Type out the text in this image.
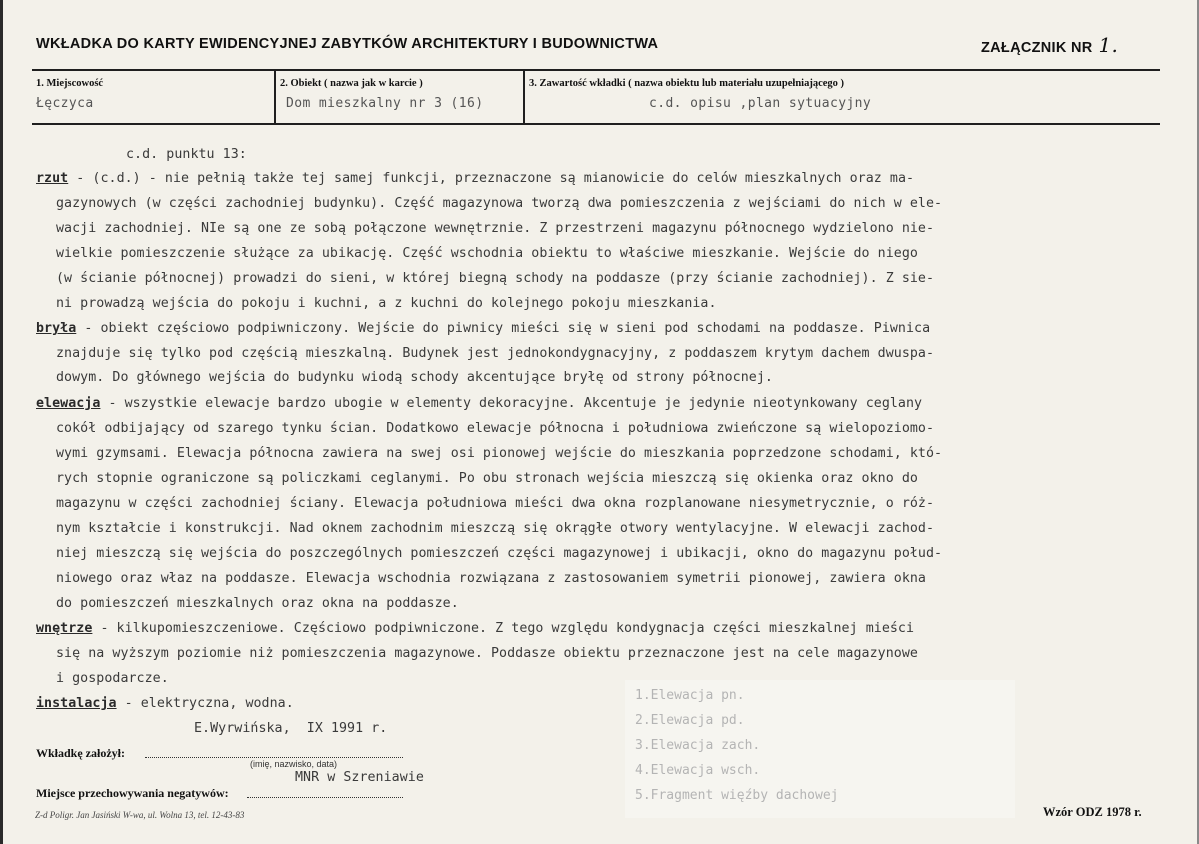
WKŁADKA DO KARTY EWIDENCYJNEJ ZABYTKÓW ARCHITEKTURY I BUDOWNICTWA	ZAŁĄCZNIK NR 1.
1. Miejscowość
Łęczyca
2. Obiekt ( nazwa jak w karcie )
Dom mieszkalny nr 3 (16)
3. Zawartość wkładki ( nazwa obiektu lub materiału uzupełniającego )
c.d. opisu ,plan sytuacyjny
c.d. punktu 13:
rzut - (c.d.) - nie pełnią także tej samej funkcji, przeznaczone są mianowicie do celów mieszkalnych oraz ma-
gazynowych (w części zachodniej budynku). Część magazynowa tworzą dwa pomieszczenia z wejściami do nich w ele-
wacji zachodniej. NIe są one ze sobą połączone wewnętrznie. Z przestrzeni magazynu północnego wydzielono nie-
wielkie pomieszczenie służące za ubikację. Część wschodnia obiektu to właściwe mieszkanie. Wejście do niego
(w ścianie północnej) prowadzi do sieni, w której biegną schody na poddasze (przy ścianie zachodniej). Z sie-
ni prowadzą wejścia do pokoju i kuchni, a z kuchni do kolejnego pokoju mieszkania.
bryła - obiekt częściowo podpiwniczony. Wejście do piwnicy mieści się w sieni pod schodami na poddasze. Piwnica
znajduje się tylko pod częścią mieszkalną. Budynek jest jednokondygnacyjny, z poddaszem krytym dachem dwuspa-
dowym. Do głównego wejścia do budynku wiodą schody akcentujące bryłę od strony północnej.
elewacja - wszystkie elewacje bardzo ubogie w elementy dekoracyjne. Akcentuje je jedynie nieotynkowany ceglany
cokół odbijający od szarego tynku ścian. Dodatkowo elewacje północna i południowa zwieńczone są wielopoziomo-
wymi gzymsami. Elewacja północna zawiera na swej osi pionowej wejście do mieszkania poprzedzone schodami, któ-
rych stopnie ograniczone są policzkami ceglanymi. Po obu stronach wejścia mieszczą się okienka oraz okno do
magazynu w części zachodniej ściany. Elewacja południowa mieści dwa okna rozplanowane niesymetrycznie, o róż-
nym kształcie i konstrukcji. Nad oknem zachodnim mieszczą się okrągłe otwory wentylacyjne. W elewacji zachod-
niej mieszczą się wejścia do poszczególnych pomieszczeń części magazynowej i ubikacji, okno do magazynu połud-
niowego oraz właz na poddasze. Elewacja wschodnia rozwiązana z zastosowaniem symetrii pionowej, zawiera okna
do pomieszczeń mieszkalnych oraz okna na poddasze.
wnętrze - kilkupomieszczeniowe. Częściowo podpiwniczone. Z tego względu kondygnacja części mieszkalnej mieści
się na wyższym poziomie niż pomieszczenia magazynowe. Poddasze obiektu przeznaczone jest na cele magazynowe
i gospodarcze.
instalacja - elektryczna, wodna.
E.Wyrwińska,  IX 1991 r.
1.Elewacja pn.
2.Elewacja pd.
3.Elewacja zach.
4.Elewacja wsch.
5.Fragment więźby dachowej
Wkładkę założył:
(imię, nazwisko, data)
Miejsce przechowywania negatywów:
MNR w Szreniawie
Z-d Poligr. Jan Jasiński W-wa, ul. Wolna 13, tel. 12-43-83	Wzór ODZ 1978 r.
